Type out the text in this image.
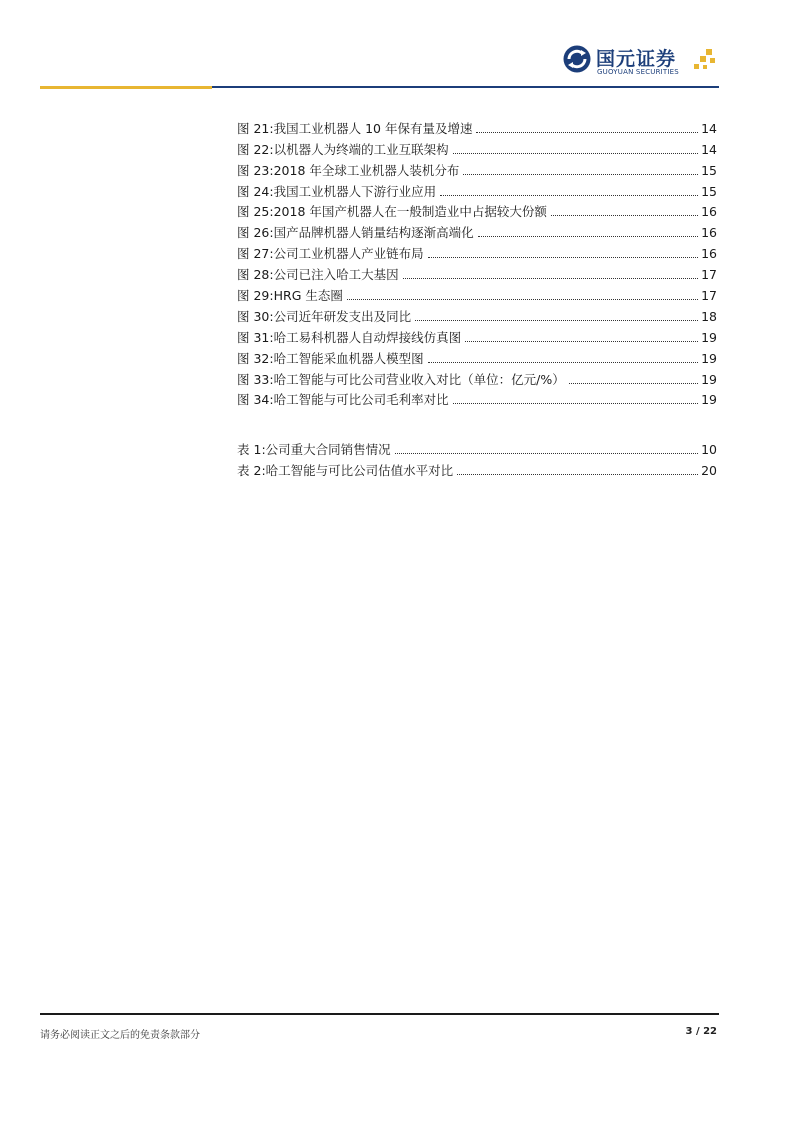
国元证券
GUOYUAN SECURITIES
图 21 : 我国工业机器人 10 年保有量及增速	14
图 22 : 以机器人为终端的工业互联架构	14
图 23 : 2018 年全球工业机器人装机分布	15
图 24 : 我国工业机器人下游行业应用	15
图 25 : 2018 年国产机器人在一般制造业中占据较大份额	16
图 26 : 国产品牌机器人销量结构逐渐高端化	16
图 27 : 公司工业机器人产业链布局	16
图 28 : 公司已注入哈工大基因	17
图 29 : HRG 生态圈	17
图 30 : 公司近年研发支出及同比	18
图 31 : 哈工易科机器人自动焊接线仿真图	19
图 32 : 哈工智能采血机器人模型图	19
图 33 : 哈工智能与可比公司营业收入对比（单位：亿元/%）	19
图 34 : 哈工智能与可比公司毛利率对比	19
表 1 : 公司重大合同销售情况	10
表 2 : 哈工智能与可比公司估值水平对比	20
请务必阅读正文之后的免责条款部分	3 / 22
